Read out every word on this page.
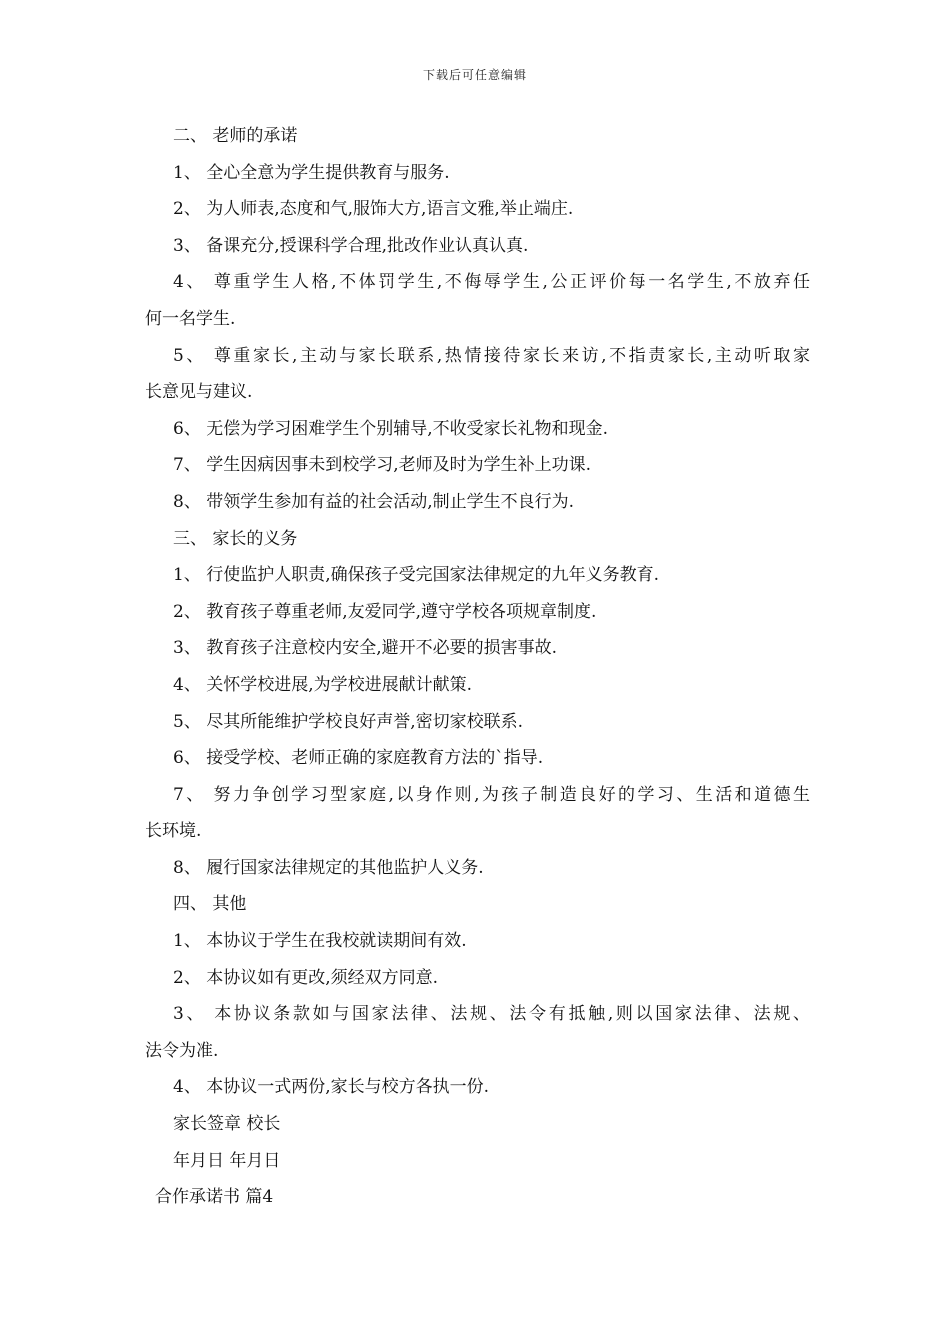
下载后可任意编辑
二、 老师的承诺
1、 全心全意为学生提供教育与服务.
2、 为人师表,态度和气,服饰大方,语言文雅,举止端庄.
3、 备课充分,授课科学合理,批改作业认真认真.
4、 尊重学生人格,不体罚学生,不侮辱学生,公正评价每一名学生,不放弃任
何一名学生.
5、 尊重家长,主动与家长联系,热情接待家长来访,不指责家长,主动听取家
长意见与建议.
6、 无偿为学习困难学生个别辅导,不收受家长礼物和现金.
7、 学生因病因事未到校学习,老师及时为学生补上功课.
8、 带领学生参加有益的社会活动,制止学生不良行为.
三、 家长的义务
1、 行使监护人职责,确保孩子受完国家法律规定的九年义务教育.
2、 教育孩子尊重老师,友爱同学,遵守学校各项规章制度.
3、 教育孩子注意校内安全,避开不必要的损害事故.
4、 关怀学校进展,为学校进展献计献策.
5、 尽其所能维护学校良好声誉,密切家校联系.
6、 接受学校、老师正确的家庭教育方法的`指导.
7、 努力争创学习型家庭,以身作则,为孩子制造良好的学习、生活和道德生
长环境.
8、 履行国家法律规定的其他监护人义务.
四、 其他
1、 本协议于学生在我校就读期间有效.
2、 本协议如有更改,须经双方同意.
3、 本协议条款如与国家法律、法规、法令有抵触,则以国家法律、法规、
法令为准.
4、 本协议一式两份,家长与校方各执一份.
家长签章 校长
年月日 年月日
合作承诺书 篇4
